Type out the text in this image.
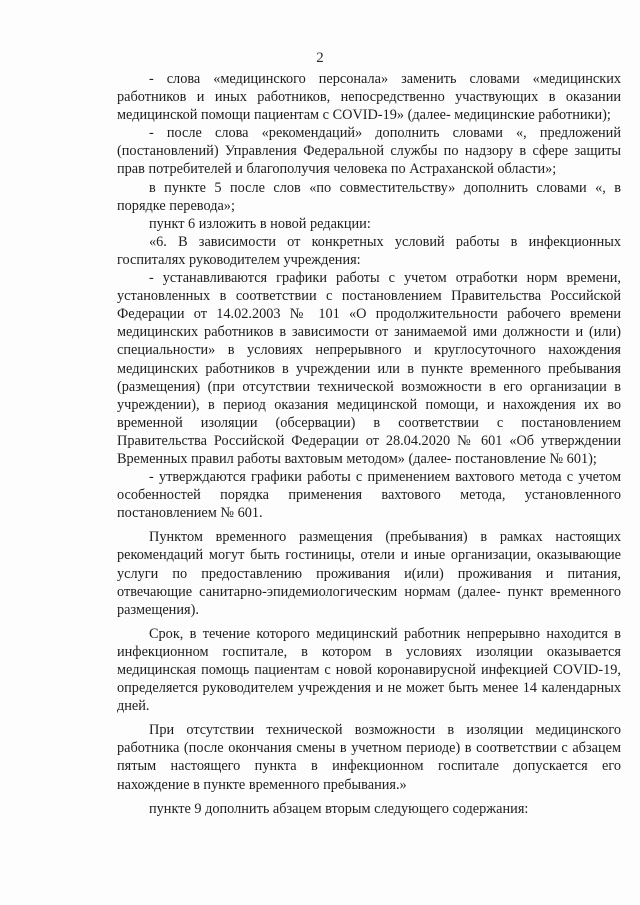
2

- слова «медицинского персонала» заменить словами «медицинских работников и иных работников, непосредственно участвующих в оказании медицинской помощи пациентам с COVID-19» (далее- медицинские работники);

- после слова «рекомендаций» дополнить словами «, предложений (постановлений) Управления Федеральной службы по надзору в сфере защиты прав потребителей и благополучия человека по Астраханской области»;

в пункте 5 после слов «по совместительству» дополнить словами «, в порядке перевода»;

пункт 6 изложить в новой редакции:

«6. В зависимости от конкретных условий работы в инфекционных госпиталях руководителем учреждения:

- устанавливаются графики работы с учетом отработки норм времени, установленных в соответствии с постановлением Правительства Российской Федерации от 14.02.2003 № 101 «О продолжительности рабочего времени медицинских работников в зависимости от занимаемой ими должности и (или) специальности» в условиях непрерывного и круглосуточного нахождения медицинских работников в учреждении или в пункте временного пребывания (размещения) (при отсутствии технической возможности в его организации в учреждении), в период оказания медицинской помощи, и нахождения их во временной изоляции (обсервации) в соответствии с постановлением Правительства Российской Федерации от 28.04.2020 № 601 «Об утверждении Временных правил работы вахтовым методом» (далее- постановление № 601);

- утверждаются графики работы с применением вахтового метода с учетом особенностей порядка применения вахтового метода, установленного постановлением № 601.

Пунктом временного размещения (пребывания) в рамках настоящих рекомендаций могут быть гостиницы, отели и иные организации, оказывающие услуги по предоставлению проживания и(или) проживания и питания, отвечающие санитарно-эпидемиологическим нормам (далее- пункт временного размещения).

Срок, в течение которого медицинский работник непрерывно находится в инфекционном госпитале, в котором в условиях изоляции оказывается медицинская помощь пациентам с новой коронавирусной инфекцией COVID-19, определяется руководителем учреждения и не может быть менее 14 календарных дней.

При отсутствии технической возможности в изоляции медицинского работника (после окончания смены в учетном периоде) в соответствии с абзацем пятым настоящего пункта в инфекционном госпитале допускается его нахождение в пункте временного пребывания.»

пункте 9 дополнить абзацем вторым следующего содержания:
